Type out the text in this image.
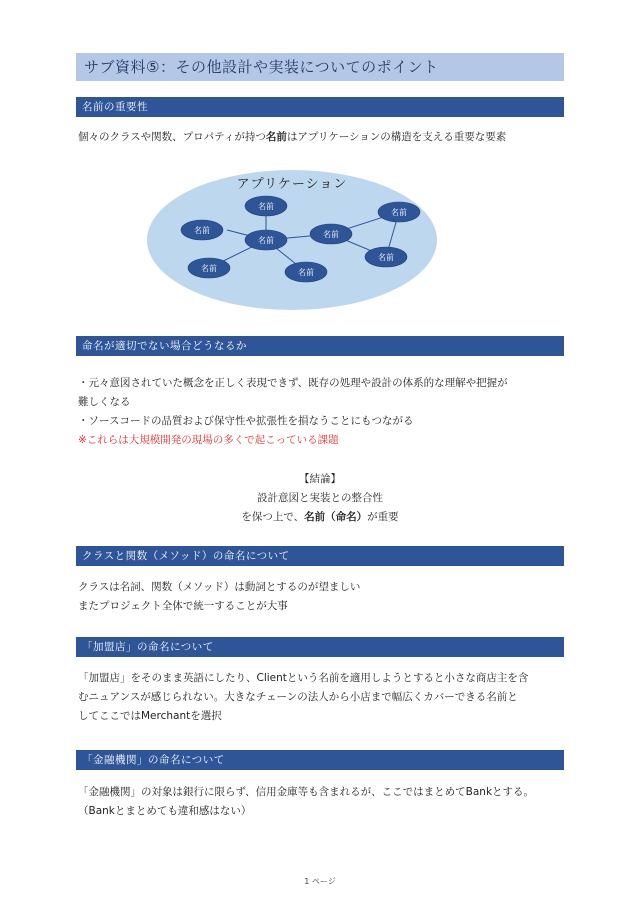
サブ資料⑤：その他設計や実装についてのポイント
名前の重要性
個々のクラスや関数、プロパティが持つ名前はアプリケーションの構造を支える重要な要素
アプリケーション
名前
名前
名前
名前	名前
名前
名前
名前
命名が適切でない場合どうなるか
・元々意図されていた概念を正しく表現できず、既存の処理や設計の体系的な理解や把握が
難しくなる
・ソースコードの品質および保守性や拡張性を損なうことにもつながる
※これらは大規模開発の現場の多くで起こっている課題
【結論】
設計意図と実装との整合性
を保つ上で、名前（命名）が重要
クラスと関数（メソッド）の命名について
クラスは名詞、関数（メソッド）は動詞とするのが望ましい
またプロジェクト全体で統一することが大事
「加盟店」の命名について
「加盟店」をそのまま英語にしたり、Clientという名前を適用しようとすると小さな商店主を含
むニュアンスが感じられない。大きなチェーンの法人から小店まで幅広くカバーできる名前と
してここではMerchantを選択
「金融機関」の命名について
「金融機関」の対象は銀行に限らず、信用金庫等も含まれるが、ここではまとめてBankとする。
（Bankとまとめても違和感はない）
1 ページ
